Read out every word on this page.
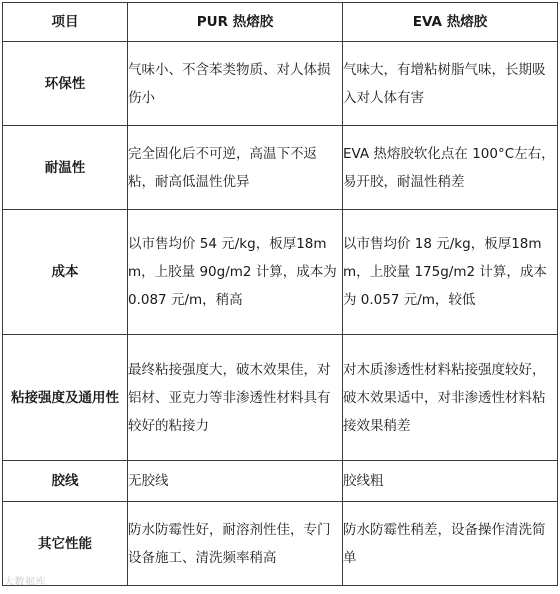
项目	PUR 热熔胶	EVA 热熔胶
环保性	气味小、不含苯类物质、对人体损伤小	气味大，有增粘树脂气味，长期吸入对人体有害
耐温性	完全固化后不可逆，高温下不返粘，耐高低温性优异	EVA 热熔胶软化点在 100°C左右，易开胶，耐温性稍差
成本	以市售均价 54 元/kg，板厚18mm，上胶量 90g/m2 计算，成本为 0.087 元/m，稍高	以市售均价 18 元/kg，板厚18mm，上胶量 175g/m2 计算，成本为 0.057 元/m，较低
粘接强度及通用性	最终粘接强度大，破木效果佳，对铝材、亚克力等非渗透性材料具有较好的粘接力	对木质渗透性材料粘接强度较好，破木效果适中，对非渗透性材料粘接效果稍差
胶线	无胶线	胶线粗
其它性能	防水防霉性好，耐溶剂性佳，专门设备施工、清洗频率稍高	防水防霉性稍差，设备操作清洗简单
大数据库
